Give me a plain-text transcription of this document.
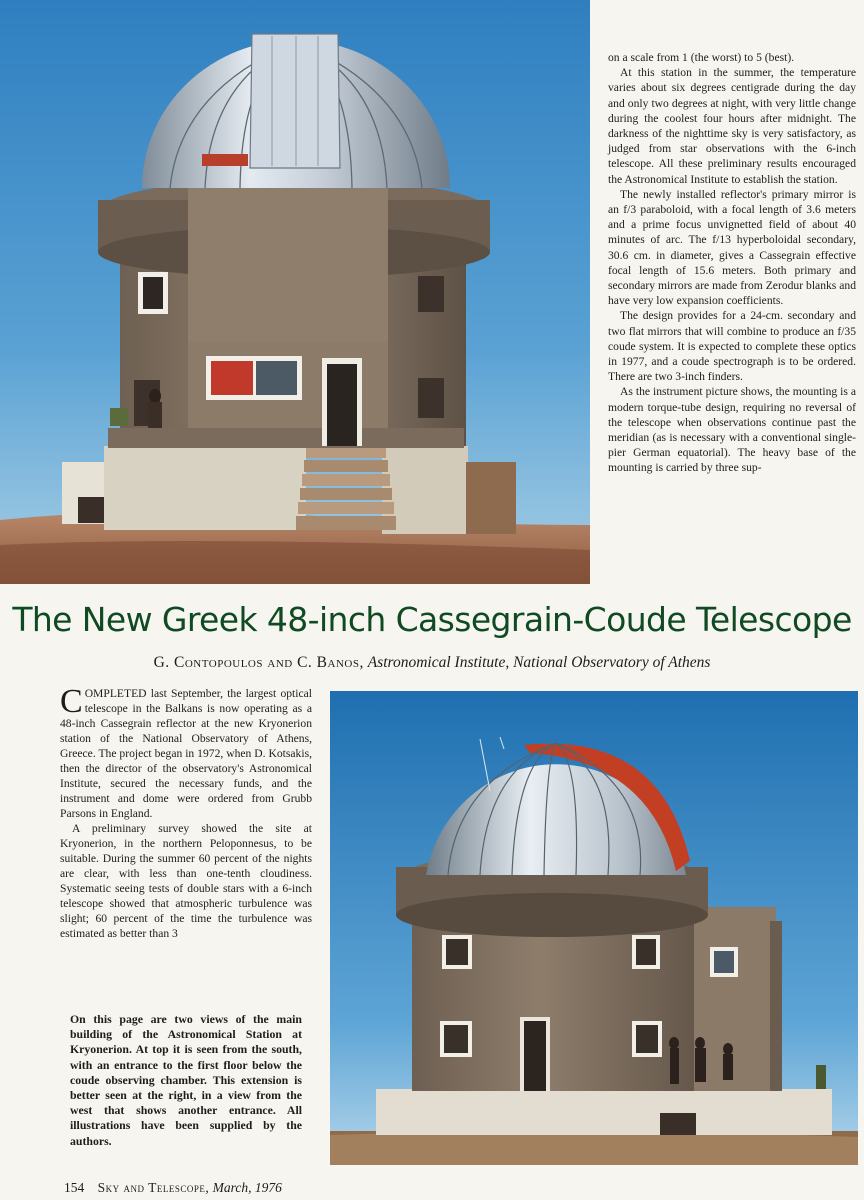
on a scale from 1 (the worst) to 5 (best).

At this station in the summer, the temperature varies about six degrees centigrade during the day and only two degrees at night, with very little change during the coolest four hours after midnight. The darkness of the nighttime sky is very satisfactory, as judged from star observations with the 6-inch telescope. All these preliminary results encouraged the Astronomical Institute to establish the station.

The newly installed reflector's primary mirror is an f/3 paraboloid, with a focal length of 3.6 meters and a prime focus unvignetted field of about 40 minutes of arc. The f/13 hyperboloidal secondary, 30.6 cm. in diameter, gives a Cassegrain effective focal length of 15.6 meters. Both primary and secondary mirrors are made from Zerodur blanks and have very low expansion coefficients.

The design provides for a 24-cm. secondary and two flat mirrors that will combine to produce an f/35 coude system. It is expected to complete these optics in 1977, and a coude spectrograph is to be ordered. There are two 3-inch finders.

As the instrument picture shows, the mounting is a modern torque-tube design, requiring no reversal of the telescope when observations continue past the meridian (as is necessary with a conventional single-pier German equatorial). The heavy base of the mounting is carried by three sup-

The New Greek 48-inch Cassegrain-Coude Telescope
G. Contopoulos and C. Banos, Astronomical Institute, National Observatory of Athens

COMPLETED last September, the largest optical telescope in the Balkans is now operating as a 48-inch Cassegrain reflector at the new Kryonerion station of the National Observatory of Athens, Greece. The project began in 1972, when D. Kotsakis, then the director of the observatory's Astronomical Institute, secured the necessary funds, and the instrument and dome were ordered from Grubb Parsons in England.

A preliminary survey showed the site at Kryonerion, in the northern Peloponnesus, to be suitable. During the summer 60 percent of the nights are clear, with less than one-tenth cloudiness. Systematic seeing tests of double stars with a 6-inch telescope showed that atmospheric turbulence was slight; 60 percent of the time the turbulence was estimated as better than 3

On this page are two views of the main building of the Astronomical Station at Kryonerion. At top it is seen from the south, with an entrance to the first floor below the coude observing chamber. This extension is better seen at the right, in a view from the west that shows another entrance. All illustrations have been supplied by the authors.

154 Sky and Telescope, March, 1976
